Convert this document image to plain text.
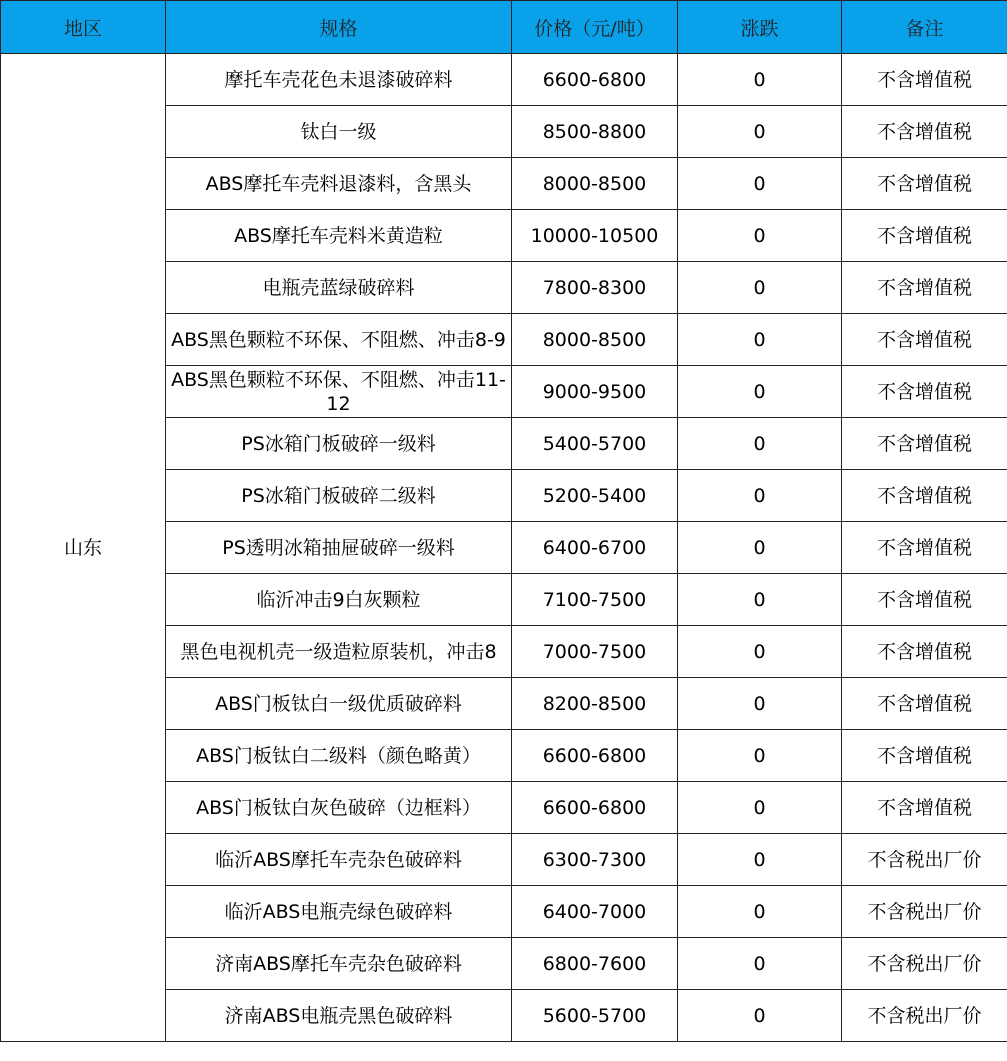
地区	规格	价格（元/吨）	涨跌	备注
山东	摩托车壳花色未退漆破碎料	6600-6800	0	不含增值税
	钛白一级	8500-8800	0	不含增值税
	ABS摩托车壳料退漆料，含黑头	8000-8500	0	不含增值税
	ABS摩托车壳料米黄造粒	10000-10500	0	不含增值税
	电瓶壳蓝绿破碎料	7800-8300	0	不含增值税
	ABS黑色颗粒不环保、不阻燃、冲击8-9	8000-8500	0	不含增值税
	ABS黑色颗粒不环保、不阻燃、冲击11-12	9000-9500	0	不含增值税
	PS冰箱门板破碎一级料	5400-5700	0	不含增值税
	PS冰箱门板破碎二级料	5200-5400	0	不含增值税
	PS透明冰箱抽屉破碎一级料	6400-6700	0	不含增值税
	临沂冲击9白灰颗粒	7100-7500	0	不含增值税
	黑色电视机壳一级造粒原装机，冲击8	7000-7500	0	不含增值税
	ABS门板钛白一级优质破碎料	8200-8500	0	不含增值税
	ABS门板钛白二级料（颜色略黄）	6600-6800	0	不含增值税
	ABS门板钛白灰色破碎（边框料）	6600-6800	0	不含增值税
	临沂ABS摩托车壳杂色破碎料	6300-7300	0	不含税出厂价
	临沂ABS电瓶壳绿色破碎料	6400-7000	0	不含税出厂价
	济南ABS摩托车壳杂色破碎料	6800-7600	0	不含税出厂价
	济南ABS电瓶壳黑色破碎料	5600-5700	0	不含税出厂价
